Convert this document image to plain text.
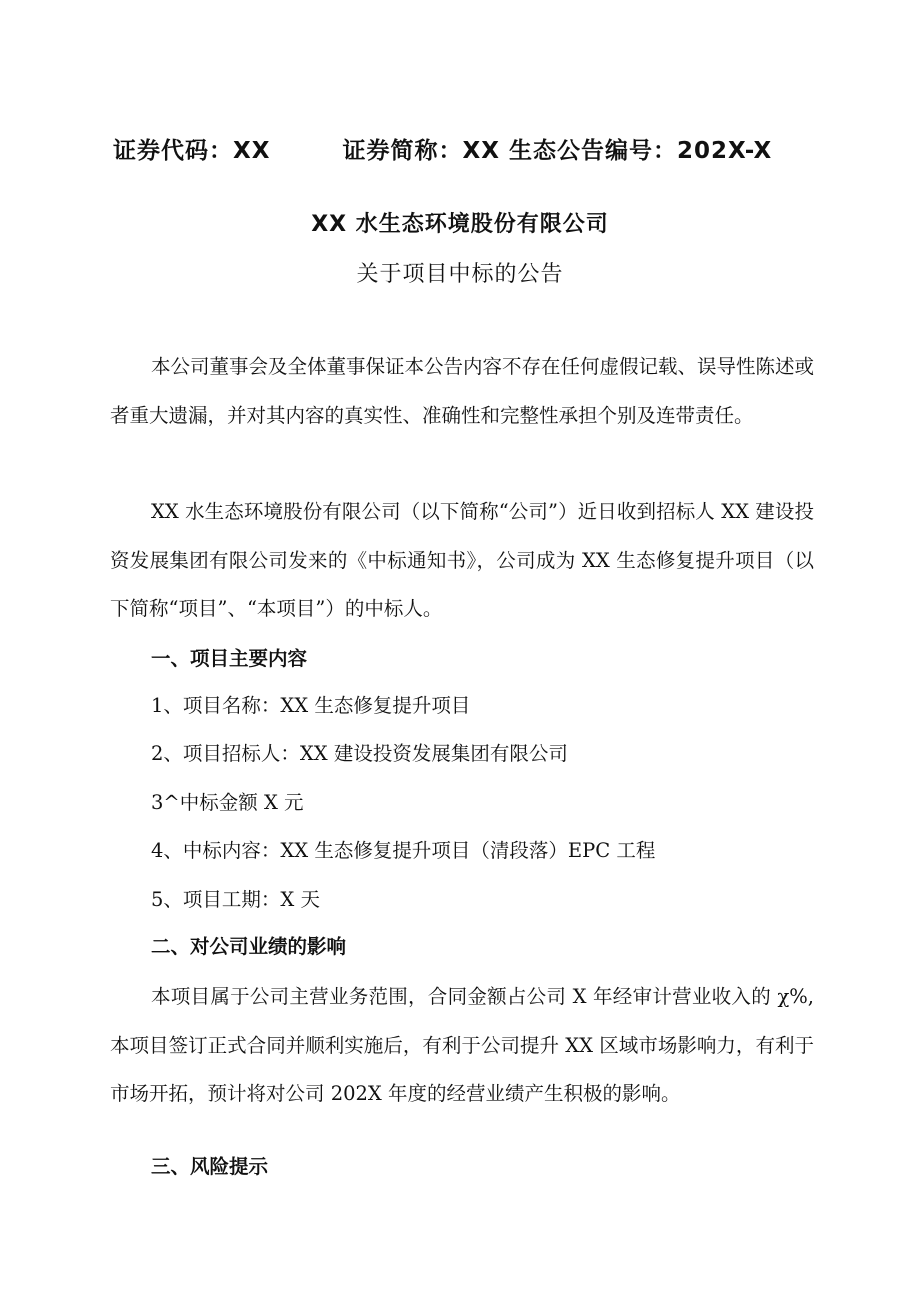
证券代码：XX	证券简称：XX 生态公告编号：202X-X
XX 水生态环境股份有限公司
关于项目中标的公告

本公司董事会及全体董事保证本公告内容不存在任何虚假记载、误导性陈述或者重大遗漏，并对其内容的真实性、准确性和完整性承担个别及连带责任。

XX 水生态环境股份有限公司（以下简称“公司”）近日收到招标人 XX 建设投资发展集团有限公司发来的《中标通知书》，公司成为 XX 生态修复提升项目（以下简称“项目”、“本项目”）的中标人。

一、项目主要内容
1、项目名称：XX 生态修复提升项目
2、项目招标人：XX 建设投资发展集团有限公司
3^中标金额 X 元
4、中标内容：XX 生态修复提升项目（清段落）EPC 工程
5、项目工期：X 天
二、对公司业绩的影响

本项目属于公司主营业务范围，合同金额占公司 X 年经审计营业收入的 χ%,本项目签订正式合同并顺利实施后，有利于公司提升 XX 区域市场影响力，有利于市场开拓，预计将对公司 202X 年度的经营业绩产生积极的影响。

三、风险提示
